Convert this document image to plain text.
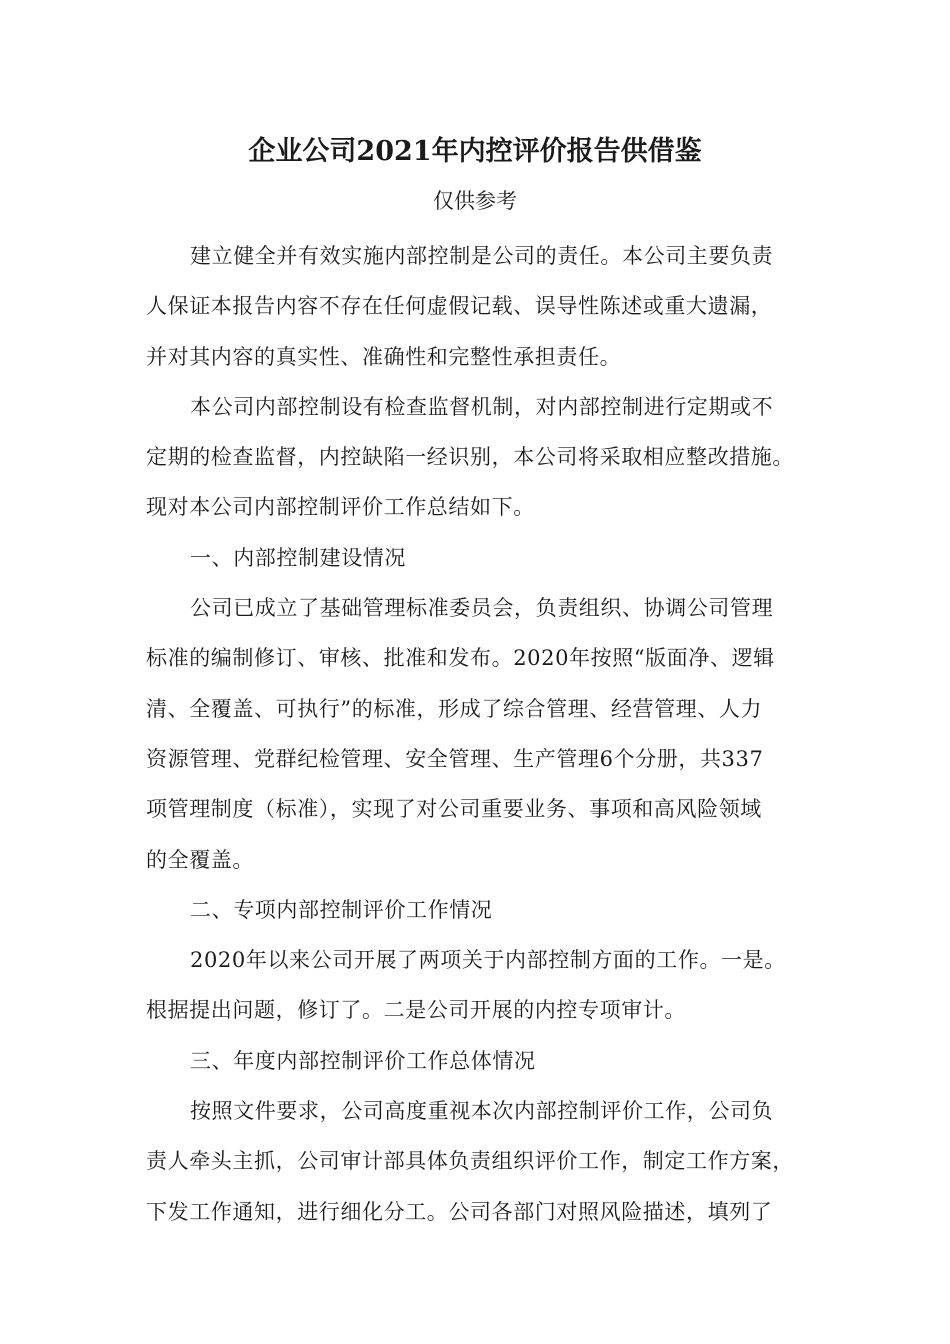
企业公司2021年内控评价报告供借鉴
仅供参考
建立健全并有效实施内部控制是公司的责任。本公司主要负责
人保证本报告内容不存在任何虚假记载、误导性陈述或重大遗漏，
并对其内容的真实性、准确性和完整性承担责任。
本公司内部控制设有检查监督机制，对内部控制进行定期或不
定期的检查监督，内控缺陷一经识别，本公司将采取相应整改措施。
现对本公司内部控制评价工作总结如下。
一、内部控制建设情况
公司已成立了基础管理标准委员会，负责组织、协调公司管理
标准的编制修订、审核、批准和发布。2020年按照“版面净、逻辑
清、全覆盖、可执行”的标准，形成了综合管理、经营管理、人力
资源管理、党群纪检管理、安全管理、生产管理6个分册，共337
项管理制度（标准），实现了对公司重要业务、事项和高风险领域
的全覆盖。
二、专项内部控制评价工作情况
2020年以来公司开展了两项关于内部控制方面的工作。一是。
根据提出问题，修订了。二是公司开展的内控专项审计。
三、年度内部控制评价工作总体情况
按照文件要求，公司高度重视本次内部控制评价工作，公司负
责人牵头主抓，公司审计部具体负责组织评价工作，制定工作方案，
下发工作通知，进行细化分工。公司各部门对照风险描述，填列了
